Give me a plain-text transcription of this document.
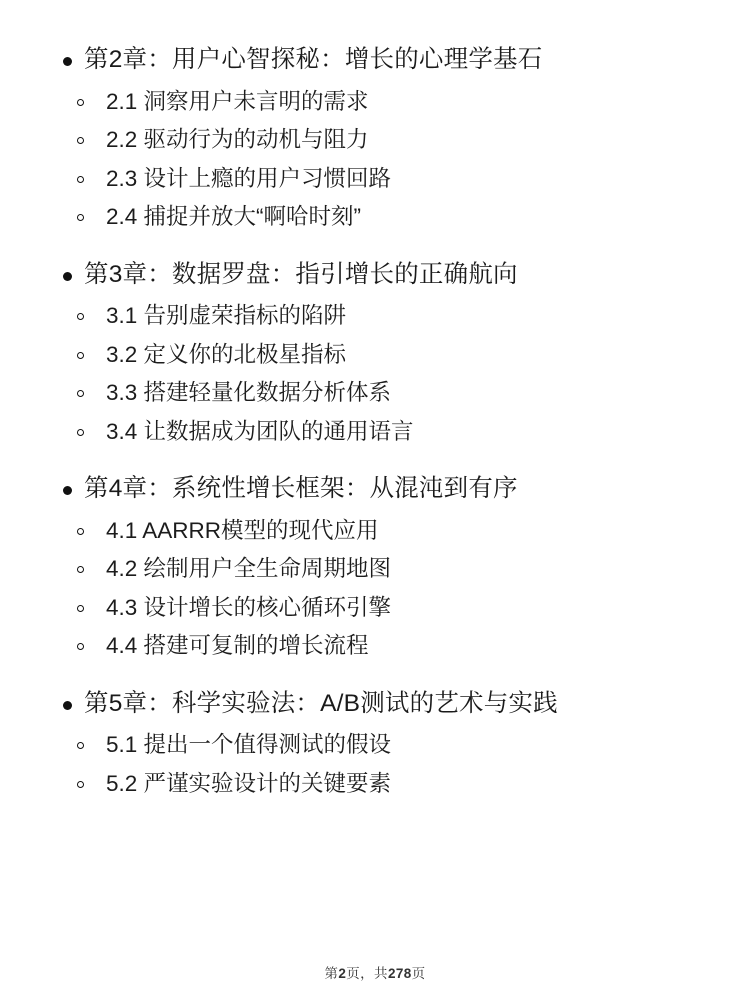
第2章：用户心智探秘：增长的心理学基石
2.1 洞察用户未言明的需求
2.2 驱动行为的动机与阻力
2.3 设计上瘾的用户习惯回路
2.4 捕捉并放大“啊哈时刻”
第3章：数据罗盘：指引增长的正确航向
3.1 告别虚荣指标的陷阱
3.2 定义你的北极星指标
3.3 搭建轻量化数据分析体系
3.4 让数据成为团队的通用语言
第4章：系统性增长框架：从混沌到有序
4.1 AARRR模型的现代应用
4.2 绘制用户全生命周期地图
4.3 设计增长的核心循环引擎
4.4 搭建可复制的增长流程
第5章：科学实验法：A/B测试的艺术与实践
5.1 提出一个值得测试的假设
5.2 严谨实验设计的关键要素
第2页，共278页
